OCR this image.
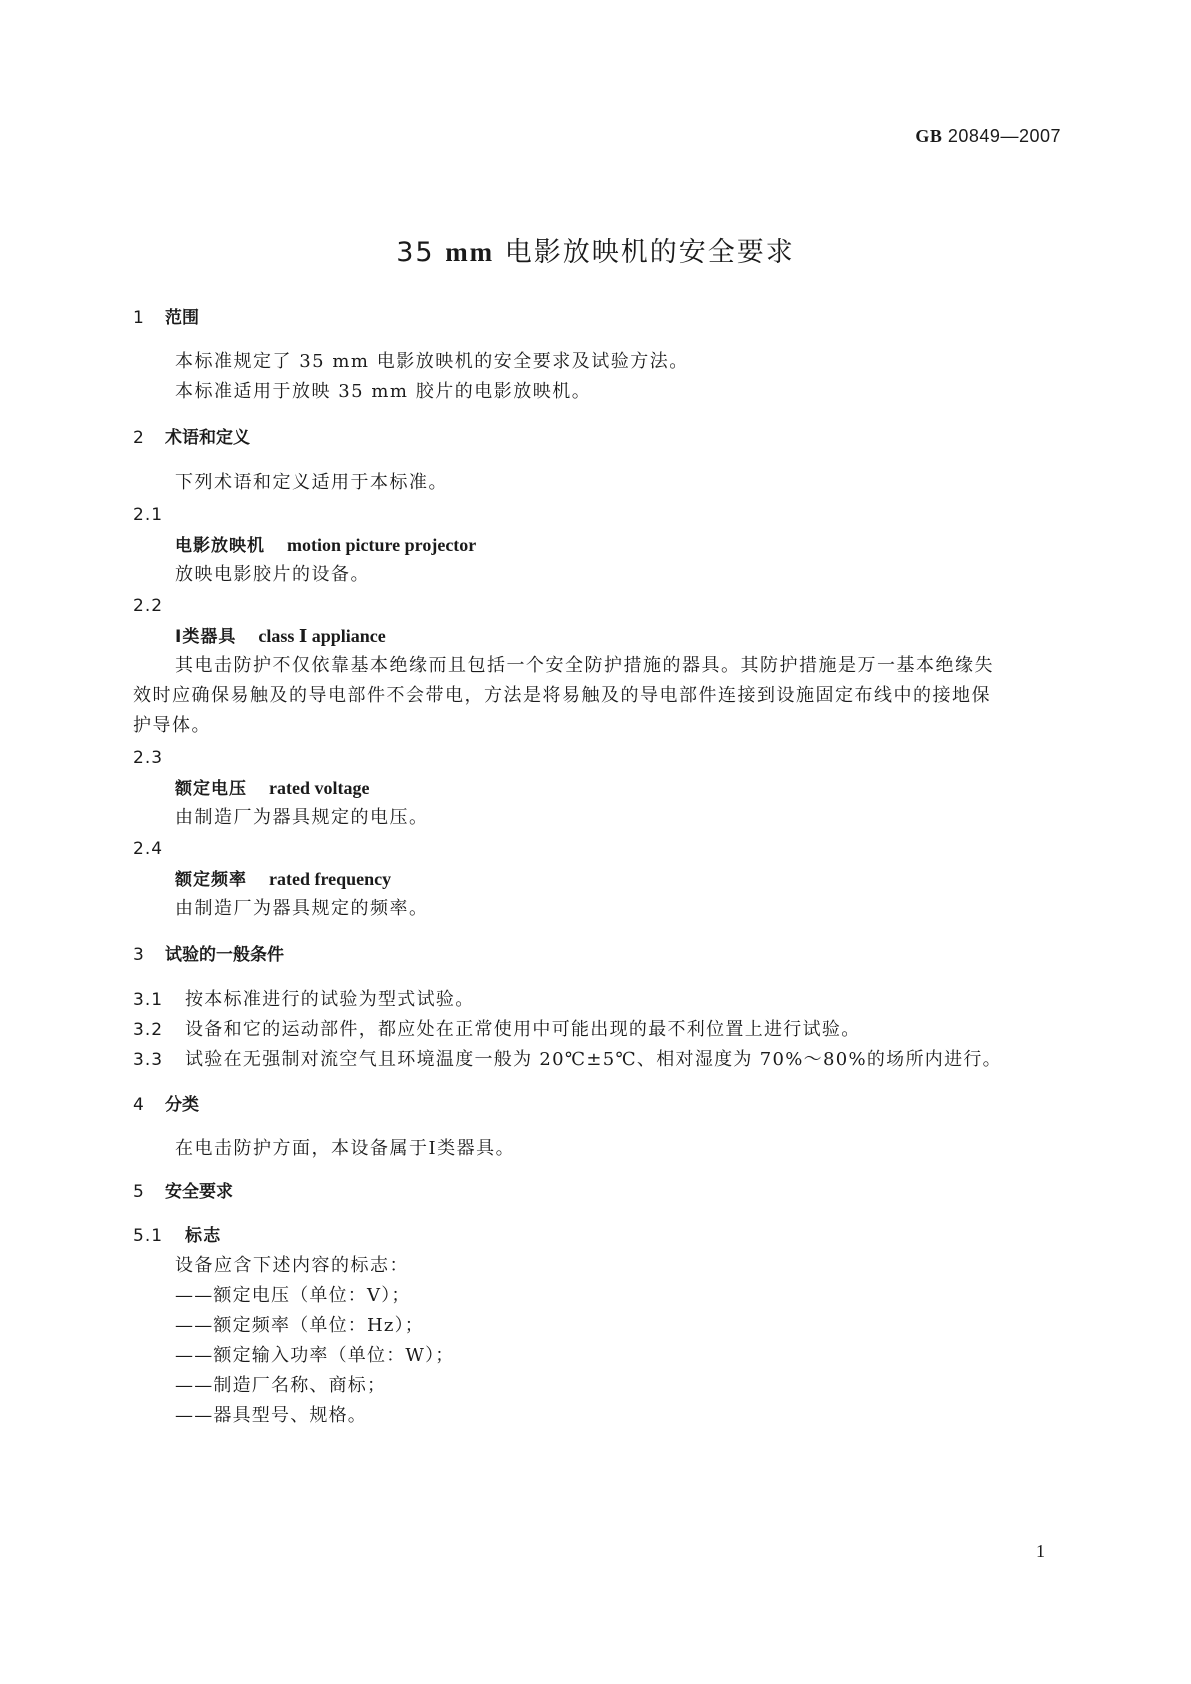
GB 20849—2007
35 mm 电影放映机的安全要求
1 范围
本标准规定了 35 mm 电影放映机的安全要求及试验方法。
本标准适用于放映 35 mm 胶片的电影放映机。
2 术语和定义
下列术语和定义适用于本标准。
2.1
电影放映机 motion picture projector
放映电影胶片的设备。
2.2
Ⅰ类器具 class Ⅰ appliance
其电击防护不仅依靠基本绝缘而且包括一个安全防护措施的器具。其防护措施是万一基本绝缘失
效时应确保易触及的导电部件不会带电，方法是将易触及的导电部件连接到设施固定布线中的接地保
护导体。
2.3
额定电压 rated voltage
由制造厂为器具规定的电压。
2.4
额定频率 rated frequency
由制造厂为器具规定的频率。
3 试验的一般条件
3.1 按本标准进行的试验为型式试验。
3.2 设备和它的运动部件，都应处在正常使用中可能出现的最不利位置上进行试验。
3.3 试验在无强制对流空气且环境温度一般为 20℃±5℃、相对湿度为 70%～80%的场所内进行。
4 分类
在电击防护方面，本设备属于Ⅰ类器具。
5 安全要求
5.1 标志
设备应含下述内容的标志：
——额定电压（单位：V）；
——额定频率（单位：Hz）；
——额定输入功率（单位：W）；
——制造厂名称、商标；
——器具型号、规格。
1
